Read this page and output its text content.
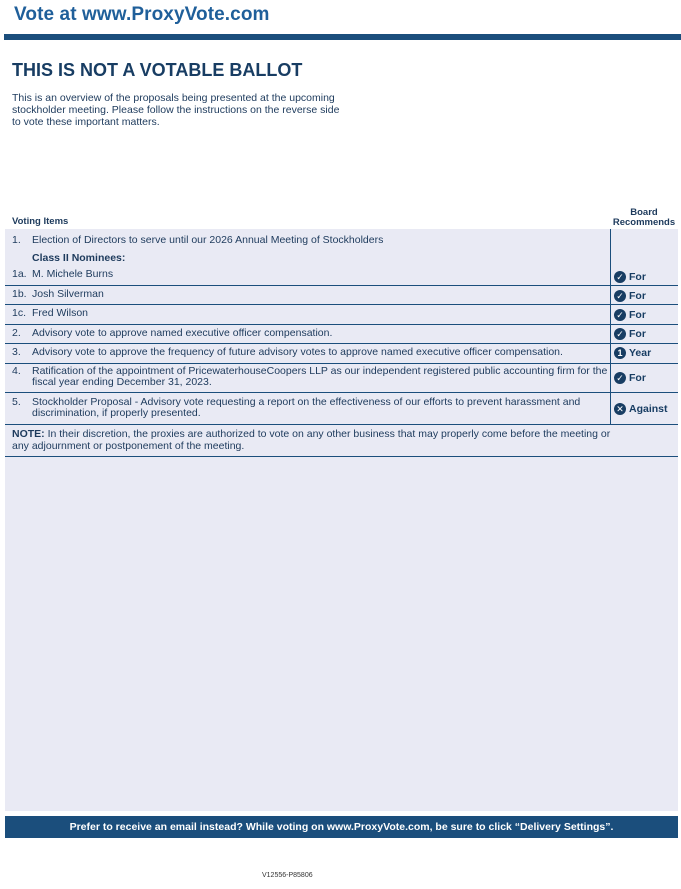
Vote at www.ProxyVote.com
THIS IS NOT A VOTABLE BALLOT
This is an overview of the proposals being presented at the upcoming stockholder meeting. Please follow the instructions on the reverse side to vote these important matters.
Voting Items
Board Recommends
1. Election of Directors to serve until our 2026 Annual Meeting of Stockholders
Class II Nominees:
1a. M. Michele Burns	✓ For
1b. Josh Silverman	✓ For
1c. Fred Wilson	✓ For
2. Advisory vote to approve named executive officer compensation.	✓ For
3. Advisory vote to approve the frequency of future advisory votes to approve named executive officer compensation.	1 Year
4. Ratification of the appointment of PricewaterhouseCoopers LLP as our independent registered public accounting firm for the fiscal year ending December 31, 2023.	✓ For
5. Stockholder Proposal - Advisory vote requesting a report on the effectiveness of our efforts to prevent harassment and discrimination, if properly presented.	✕ Against
NOTE: In their discretion, the proxies are authorized to vote on any other business that may properly come before the meeting or any adjournment or postponement of the meeting.
Prefer to receive an email instead? While voting on www.ProxyVote.com, be sure to click “Delivery Settings”.
V12556-P85806
